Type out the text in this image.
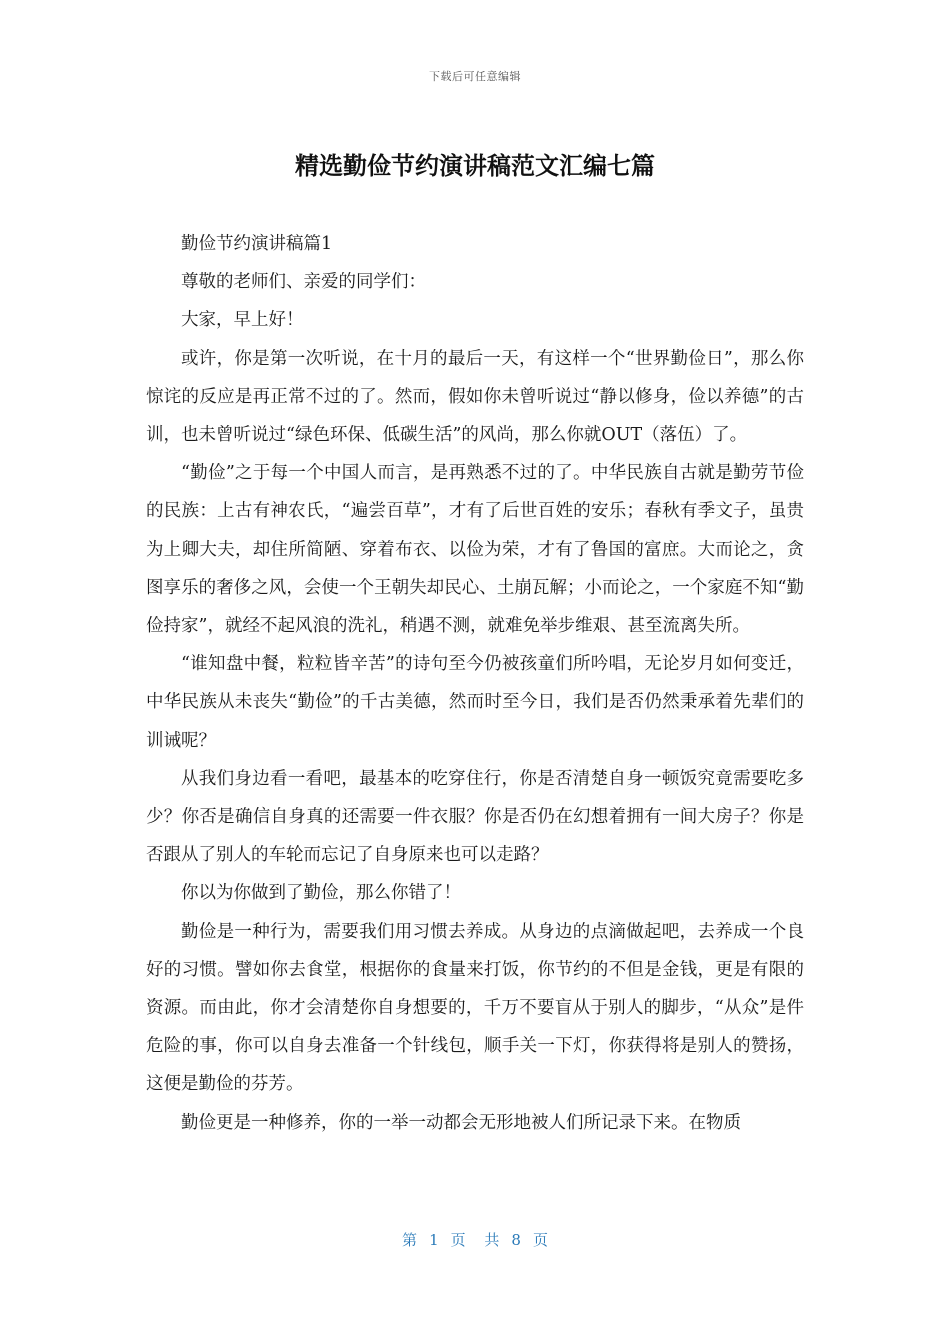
下载后可任意编辑
精选勤俭节约演讲稿范文汇编七篇

勤俭节约演讲稿篇1

尊敬的老师们、亲爱的同学们：

大家，早上好！

或许，你是第一次听说，在十月的最后一天，有这样一个“世界勤俭日”，那么你惊诧的反应是再正常不过的了。然而，假如你未曾听说过“静以修身，俭以养德”的古训，也未曾听说过“绿色环保、低碳生活”的风尚，那么你就OUT（落伍）了。

“勤俭”之于每一个中国人而言，是再熟悉不过的了。中华民族自古就是勤劳节俭的民族：上古有神农氏，“遍尝百草”，才有了后世百姓的安乐；春秋有季文子，虽贵为上卿大夫，却住所简陋、穿着布衣、以俭为荣，才有了鲁国的富庶。大而论之，贪图享乐的奢侈之风，会使一个王朝失却民心、土崩瓦解；小而论之，一个家庭不知“勤俭持家”，就经不起风浪的洗礼，稍遇不测，就难免举步维艰、甚至流离失所。

“谁知盘中餐，粒粒皆辛苦”的诗句至今仍被孩童们所吟唱，无论岁月如何变迁，中华民族从未丧失“勤俭”的千古美德，然而时至今日，我们是否仍然秉承着先辈们的训诫呢？

从我们身边看一看吧，最基本的吃穿住行，你是否清楚自身一顿饭究竟需要吃多少？你否是确信自身真的还需要一件衣服？你是否仍在幻想着拥有一间大房子？你是否跟从了别人的车轮而忘记了自身原来也可以走路？

你以为你做到了勤俭，那么你错了！

勤俭是一种行为，需要我们用习惯去养成。从身边的点滴做起吧，去养成一个良好的习惯。譬如你去食堂，根据你的食量来打饭，你节约的不但是金钱，更是有限的资源。而由此，你才会清楚你自身想要的，千万不要盲从于别人的脚步，“从众”是件危险的事，你可以自身去准备一个针线包，顺手关一下灯，你获得将是别人的赞扬，这便是勤俭的芬芳。

勤俭更是一种修养，你的一举一动都会无形地被人们所记录下来。在物质

第 1 页 共 8 页
